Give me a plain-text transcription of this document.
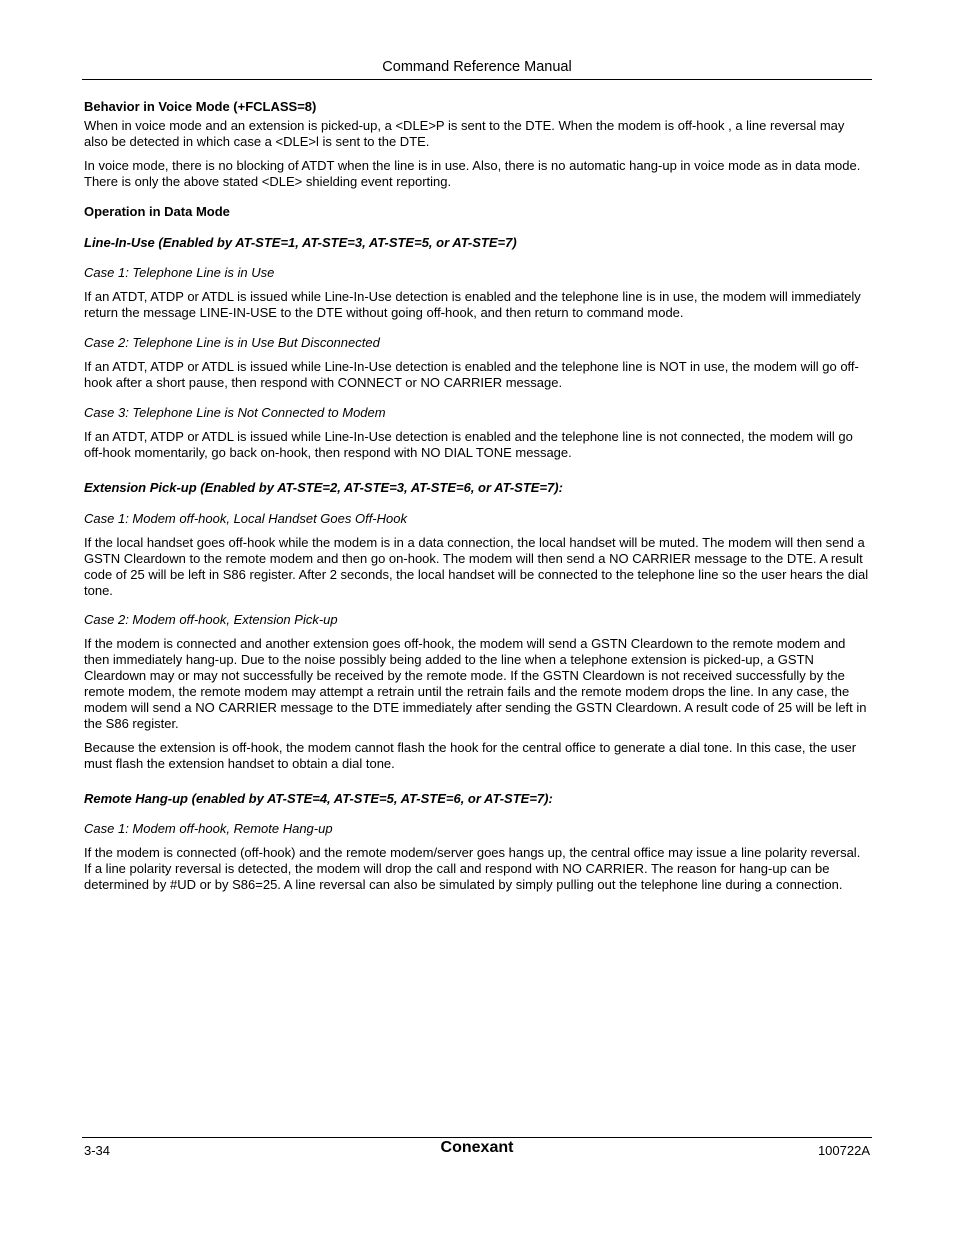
Command Reference Manual

Behavior in Voice Mode (+FCLASS=8)

When in voice mode and an extension is picked-up, a <DLE>P is sent to the DTE. When the modem is off-hook , a line reversal may also be detected in which case a <DLE>l is sent to the DTE.

In voice mode, there is no blocking of ATDT when the line is in use. Also, there is no automatic hang-up in voice mode as in data mode. There is only the above stated <DLE> shielding event reporting.

Operation in Data Mode

Line-In-Use (Enabled by AT-STE=1, AT-STE=3, AT-STE=5, or AT-STE=7)

Case 1: Telephone Line is in Use

If an ATDT, ATDP or ATDL is issued while Line-In-Use detection is enabled and the telephone line is in use, the modem will immediately return the message LINE-IN-USE to the DTE without going off-hook, and then return to command mode.

Case 2: Telephone Line is in Use But Disconnected

If an ATDT, ATDP or ATDL is issued while Line-In-Use detection is enabled and the telephone line is NOT in use, the modem will go off-hook after a short pause, then respond with CONNECT or NO CARRIER message.

Case 3: Telephone Line is Not Connected to Modem

If an ATDT, ATDP or ATDL is issued while Line-In-Use detection is enabled and the telephone line is not connected, the modem will go off-hook momentarily, go back on-hook, then respond with NO DIAL TONE message.

Extension Pick-up (Enabled by AT-STE=2, AT-STE=3, AT-STE=6, or AT-STE=7):

Case 1: Modem off-hook, Local Handset Goes Off-Hook

If the local handset goes off-hook while the modem is in a data connection, the local handset will be muted. The modem will then send a GSTN Cleardown to the remote modem and then go on-hook. The modem will then send a NO CARRIER message to the DTE. A result code of 25 will be left in S86 register. After 2 seconds, the local handset will be connected to the telephone line so the user hears the dial tone.

Case 2: Modem off-hook, Extension Pick-up

If the modem is connected and another extension goes off-hook, the modem will send a GSTN Cleardown to the remote modem and then immediately hang-up. Due to the noise possibly being added to the line when a telephone extension is picked-up, a GSTN Cleardown may or may not successfully be received by the remote mode. If the GSTN Cleardown is not received successfully by the remote modem, the remote modem may attempt a retrain until the retrain fails and the remote modem drops the line. In any case, the modem will send a NO CARRIER message to the DTE immediately after sending the GSTN Cleardown. A result code of 25 will be left in the S86 register.

Because the extension is off-hook, the modem cannot flash the hook for the central office to generate a dial tone. In this case, the user must flash the extension handset to obtain a dial tone.

Remote Hang-up (enabled by AT-STE=4, AT-STE=5, AT-STE=6, or AT-STE=7):

Case 1: Modem off-hook, Remote Hang-up

If the modem is connected (off-hook) and the remote modem/server goes hangs up, the central office may issue a line polarity reversal. If a line polarity reversal is detected, the modem will drop the call and respond with NO CARRIER. The reason for hang-up can be determined by #UD or by S86=25. A line reversal can also be simulated by simply pulling out the telephone line during a connection.

3-34	Conexant	100722A
